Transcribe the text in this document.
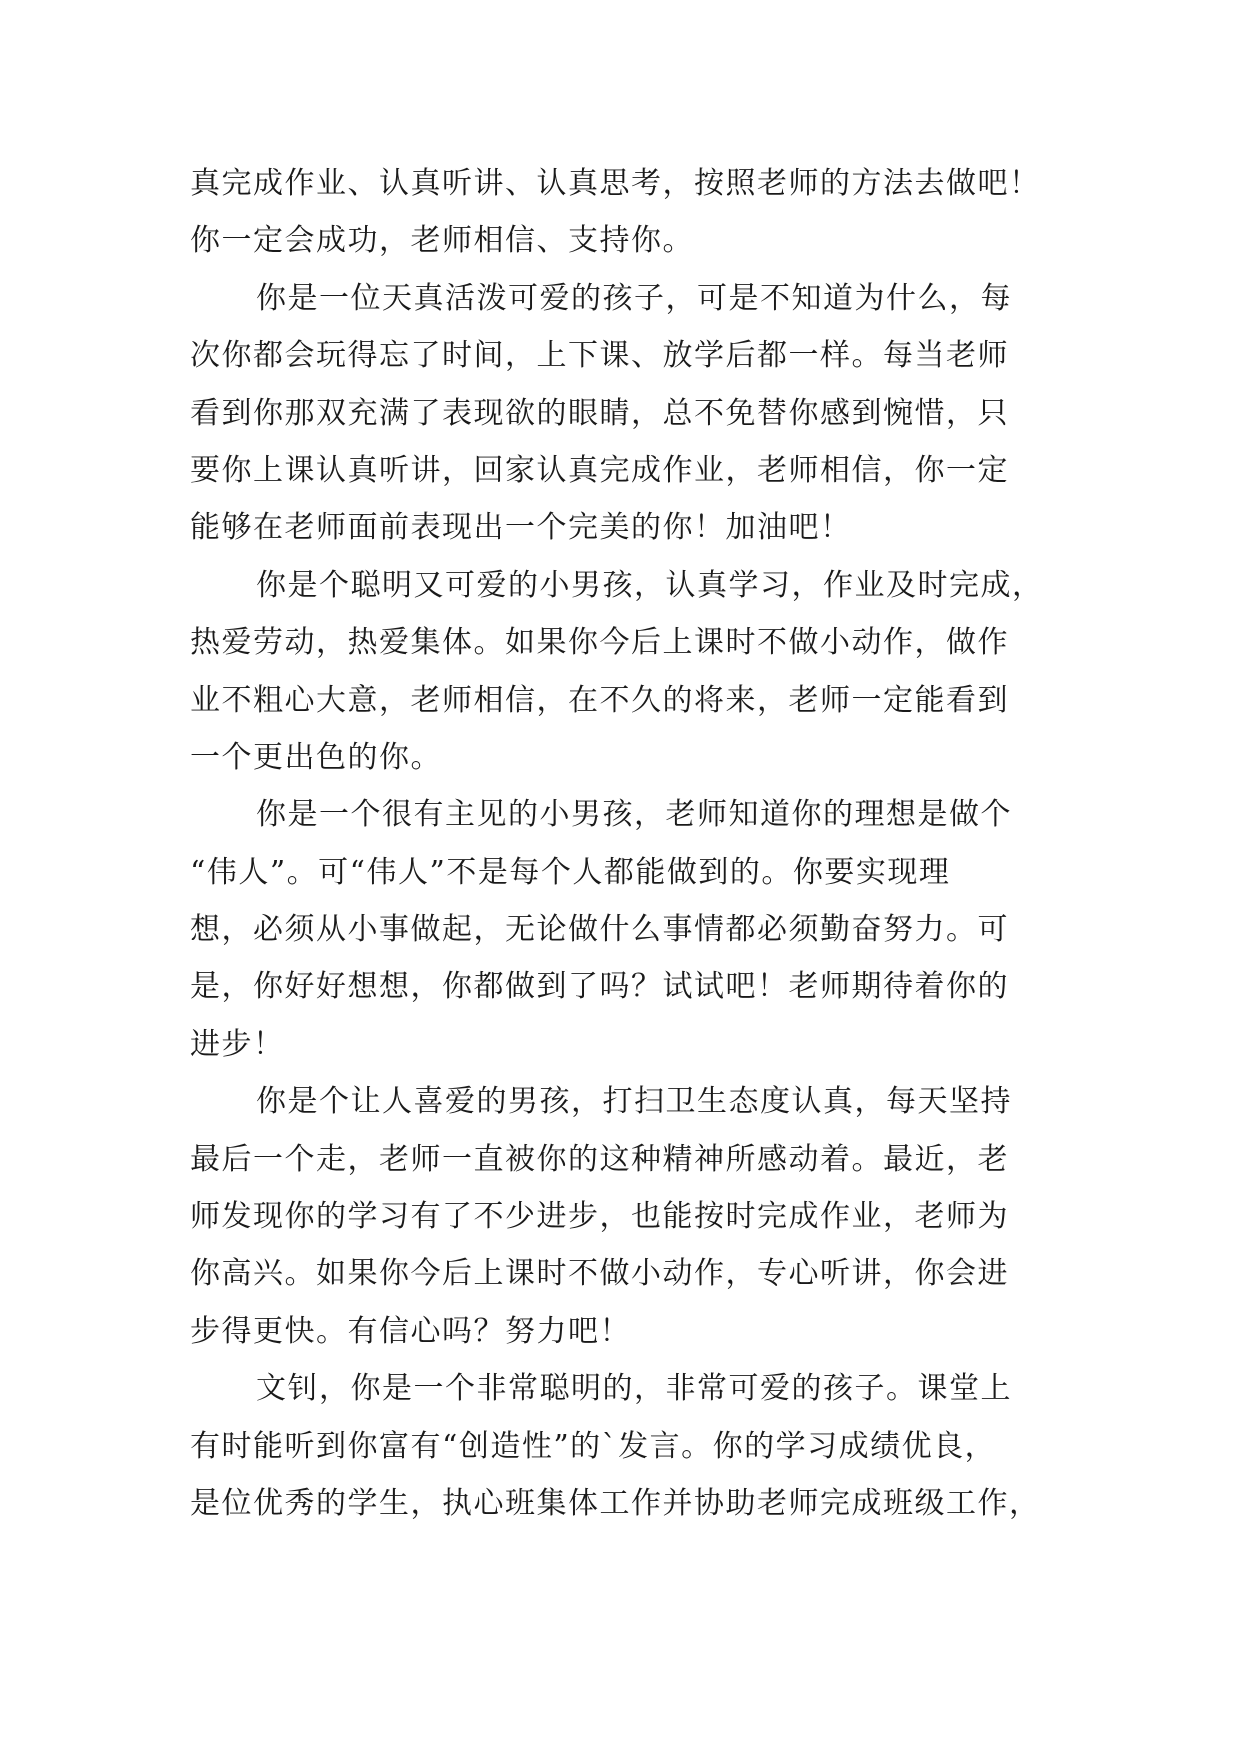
真完成作业、认真听讲、认真思考，按照老师的方法去做吧！
你一定会成功，老师相信、支持你。
你是一位天真活泼可爱的孩子，可是不知道为什么，每
次你都会玩得忘了时间，上下课、放学后都一样。每当老师
看到你那双充满了表现欲的眼睛，总不免替你感到惋惜，只
要你上课认真听讲，回家认真完成作业，老师相信，你一定
能够在老师面前表现出一个完美的你！加油吧！
你是个聪明又可爱的小男孩，认真学习，作业及时完成，
热爱劳动，热爱集体。如果你今后上课时不做小动作，做作
业不粗心大意，老师相信，在不久的将来，老师一定能看到
一个更出色的你。
你是一个很有主见的小男孩，老师知道你的理想是做个
“伟人”。可“伟人”不是每个人都能做到的。你要实现理
想，必须从小事做起，无论做什么事情都必须勤奋努力。可
是，你好好想想，你都做到了吗？试试吧！老师期待着你的
进步！
你是个让人喜爱的男孩，打扫卫生态度认真，每天坚持
最后一个走，老师一直被你的这种精神所感动着。最近，老
师发现你的学习有了不少进步，也能按时完成作业，老师为
你高兴。如果你今后上课时不做小动作，专心听讲，你会进
步得更快。有信心吗？努力吧！
文钊，你是一个非常聪明的，非常可爱的孩子。课堂上
有时能听到你富有“创造性”的`发言。你的学习成绩优良，
是位优秀的学生，执心班集体工作并协助老师完成班级工作，
